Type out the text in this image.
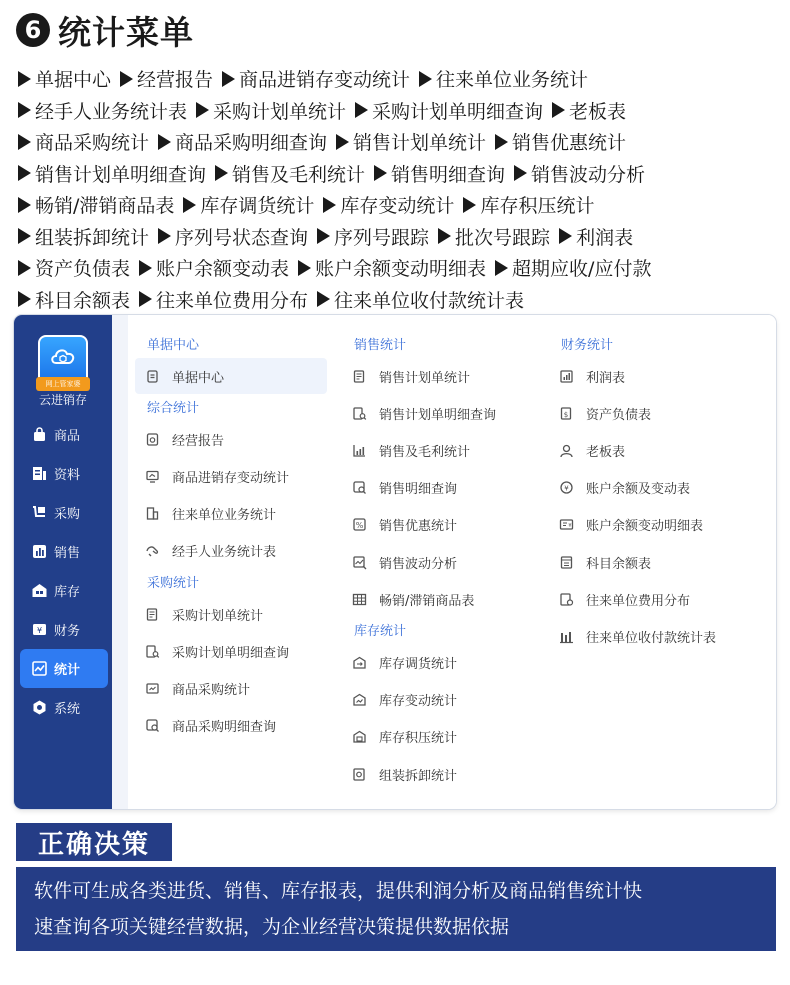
6 统计菜单
单据中心 经营报告 商品进销存变动统计 往来单位业务统计
经手人业务统计表 采购计划单统计 采购计划单明细查询 老板表
商品采购统计 商品采购明细查询 销售计划单统计 销售优惠统计
销售计划单明细查询 销售及毛利统计 销售明细查询 销售波动分析
畅销/滞销商品表 库存调货统计 库存变动统计 库存积压统计
组装拆卸统计 序列号状态查询 序列号跟踪 批次号跟踪 利润表
资产负债表 账户余额变动表 账户余额变动明细表 超期应收/应付款
科目余额表 往来单位费用分布 往来单位收付款统计表
网上管家婆
云进销存
商品
资料
采购
销售
库存
¥ 财务
统计
系统
单据中心
单据中心
综合统计
经营报告
商品进销存变动统计
往来单位业务统计
经手人业务统计表
采购统计
采购计划单统计
采购计划单明细查询
商品采购统计
商品采购明细查询
销售统计
销售计划单统计
销售计划单明细查询
销售及毛利统计
销售明细查询
% 销售优惠统计
销售波动分析
畅销/滞销商品表
库存统计
库存调货统计
库存变动统计
库存积压统计
组装拆卸统计
财务统计
利润表
$ 资产负债表
老板表
¥ 账户余额及变动表
¥ 账户余额变动明细表
科目余额表
往来单位费用分布
往来单位收付款统计表
正确决策
软件可生成各类进货、销售、库存报表，提供利润分析及商品销售统计快
速查询各项关键经营数据，为企业经营决策提供数据依据
